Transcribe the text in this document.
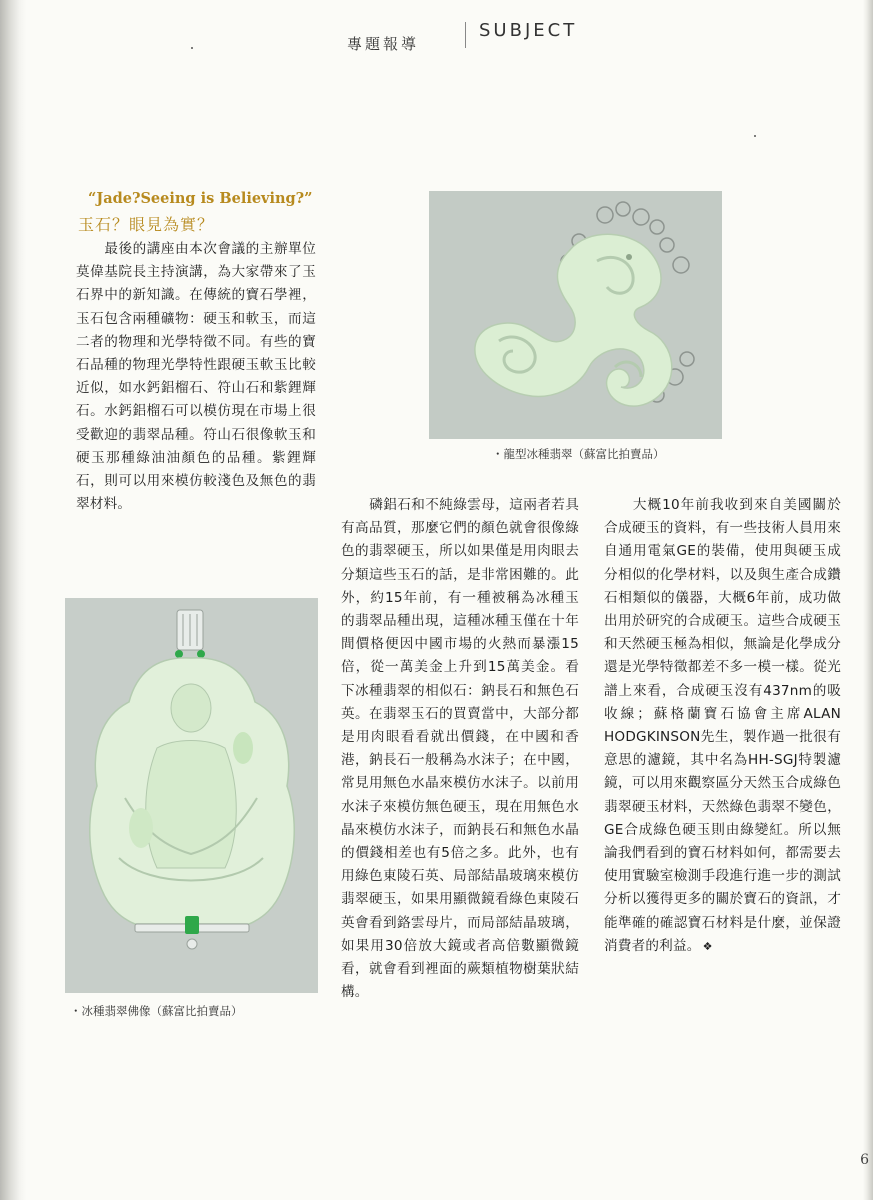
專題報導
SUBJECT
“Jade?Seeing is Believing?”
玉石？眼見為實？

最後的講座由本次會議的主辦單位莫偉基院長主持演講，為大家帶來了玉石界中的新知識。在傳統的寶石學裡，玉石包含兩種礦物：硬玉和軟玉，而這二者的物理和光學特徵不同。有些的寶石品種的物理光學特性跟硬玉軟玉比較近似，如水鈣鋁榴石、符山石和紫鋰輝石。水鈣鋁榴石可以模仿現在市場上很受歡迎的翡翠品種。符山石很像軟玉和硬玉那種綠油油顏色的品種。紫鋰輝石，則可以用來模仿較淺色及無色的翡翠材料。

・龍型冰種翡翠（蘇富比拍賣品）
・冰種翡翠佛像（蘇富比拍賣品）

磷鋁石和不純綠雲母，這兩者若具有高品質，那麼它們的顏色就會很像綠色的翡翠硬玉，所以如果僅是用肉眼去分類這些玉石的話，是非常困難的。此外，約15年前，有一種被稱為冰種玉的翡翠品種出現，這種冰種玉僅在十年間價格便因中國市場的火熱而暴漲15倍，從一萬美金上升到15萬美金。看下冰種翡翠的相似石：鈉長石和無色石英。在翡翠玉石的買賣當中，大部分都是用肉眼看看就出價錢，在中國和香港，鈉長石一般稱為水沫子；在中國，常見用無色水晶來模仿水沫子。以前用水沫子來模仿無色硬玉，現在用無色水晶來模仿水沫子，而鈉長石和無色水晶的價錢相差也有5倍之多。此外，也有用綠色東陵石英、局部結晶玻璃來模仿翡翠硬玉，如果用顯微鏡看綠色東陵石英會看到鉻雲母片，而局部結晶玻璃，如果用30倍放大鏡或者高倍數顯微鏡看，就會看到裡面的蕨類植物樹葉狀結構。

大概10年前我收到來自美國關於合成硬玉的資料，有一些技術人員用來自通用電氣GE的裝備，使用與硬玉成分相似的化學材料，以及與生產合成鑽石相類似的儀器，大概6年前，成功做出用於研究的合成硬玉。這些合成硬玉和天然硬玉極為相似，無論是化學成分還是光學特徵都差不多一模一樣。從光譜上來看，合成硬玉沒有437nm的吸收線；蘇格蘭寶石協會主席ALAN HODGKINSON先生，製作過一批很有意思的濾鏡，其中名為HH-SGJ特製濾鏡，可以用來觀察區分天然玉合成綠色翡翠硬玉材料，天然綠色翡翠不變色，GE合成綠色硬玉則由綠變紅。所以無論我們看到的寶石材料如何，都需要去使用實驗室檢測手段進行進一步的測試分析以獲得更多的關於寶石的資訊，才能準確的確認寶石材料是什麼，並保證消費者的利益。 ❖

6
